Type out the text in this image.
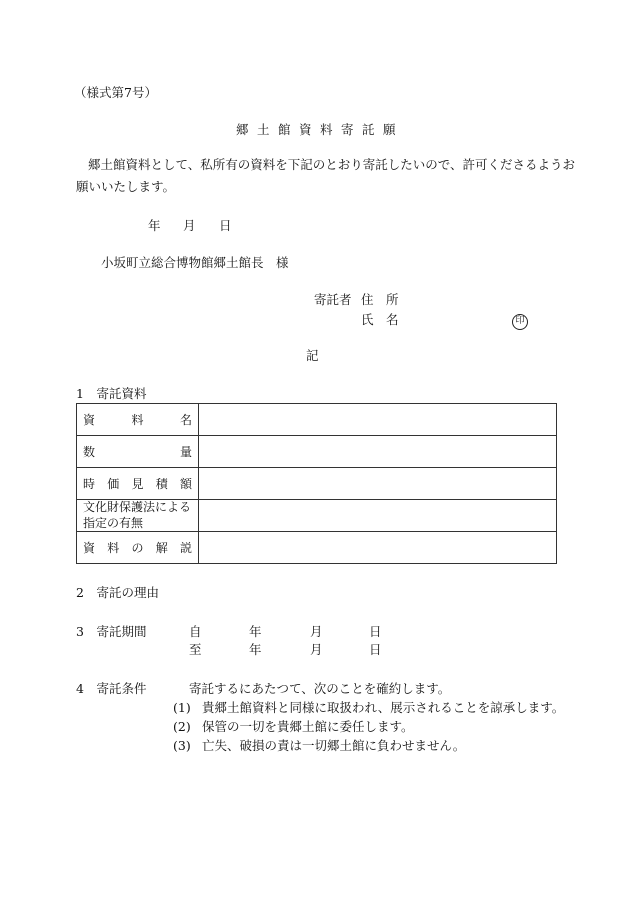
（様式第7号）
郷土館資料寄託願
郷土館資料として、私所有の資料を下記のとおり寄託したいので、許可くださるようお
願いいたします。
年 月 日
小坂町立総合博物館郷土館長　様
寄託者 住　所
氏　名	印
記
1　寄託資料
資 料 名	

数 量	

時 価 見 積 額	

文化財保護法による指定の有無	

資 料 の 解 説	

2　寄託の理由
3　寄託期間	自	年	月	日
至	年	月	日
4　寄託条件	寄託するにあたつて、次のことを確約します。
(1) 貴郷土館資料と同様に取扱われ、展示されることを諒承します。
(2) 保管の一切を貴郷土館に委任します。
(3) 亡失、破損の責は一切郷土館に負わせません。
